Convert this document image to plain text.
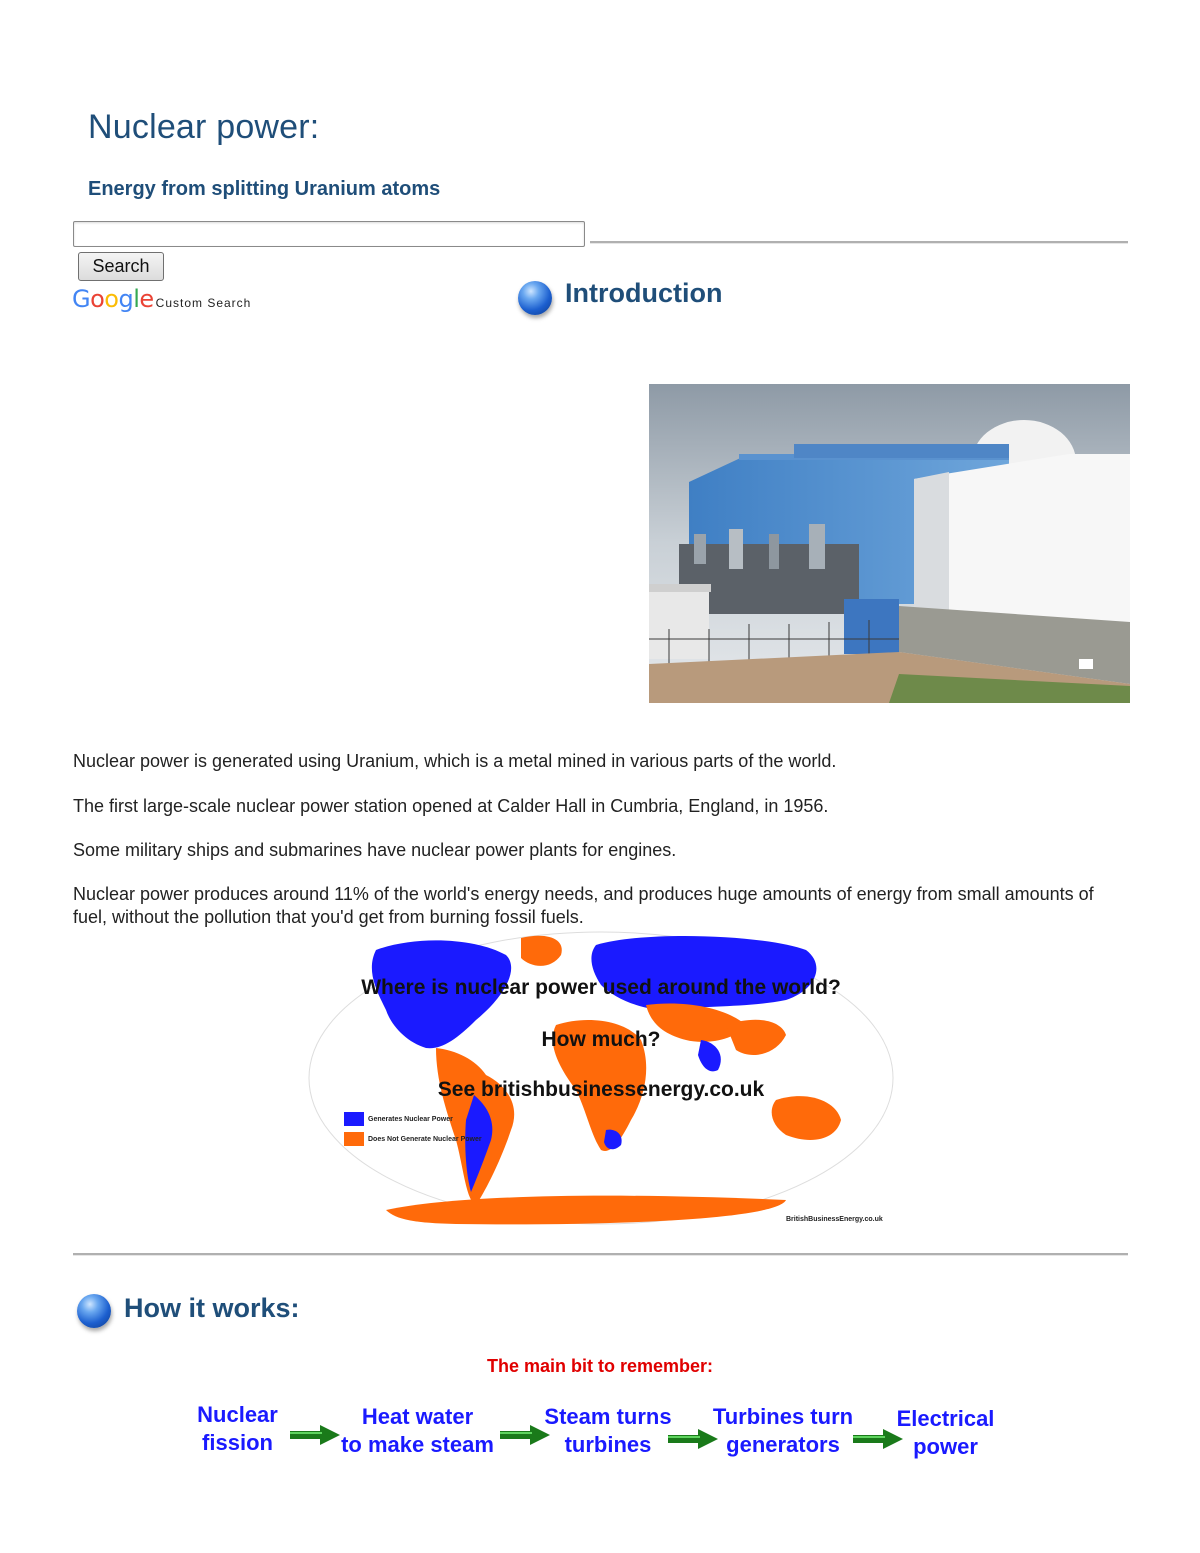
Nuclear power:
Energy from splitting Uranium atoms
Search
Google Custom Search	Introduction

Nuclear power is generated using Uranium, which is a metal mined in various parts of the world.

The first large-scale nuclear power station opened at Calder Hall in Cumbria, England, in 1956.

Some military ships and submarines have nuclear power plants for engines.

Nuclear power produces around 11% of the world's energy needs, and produces huge amounts of energy from small amounts of fuel, without the pollution that you'd get from burning fossil fuels.

Where is nuclear power used around the world?
How much?
See britishbusinessenergy.co.uk
Generates Nuclear Power
Does Not Generate Nuclear Power
BritishBusinessEnergy.co.uk
How it works:

The main bit to remember:

Nuclear
fission
Heat water
to make steam
Steam turns
turbines
Turbines turn
generators
Electrical
power
